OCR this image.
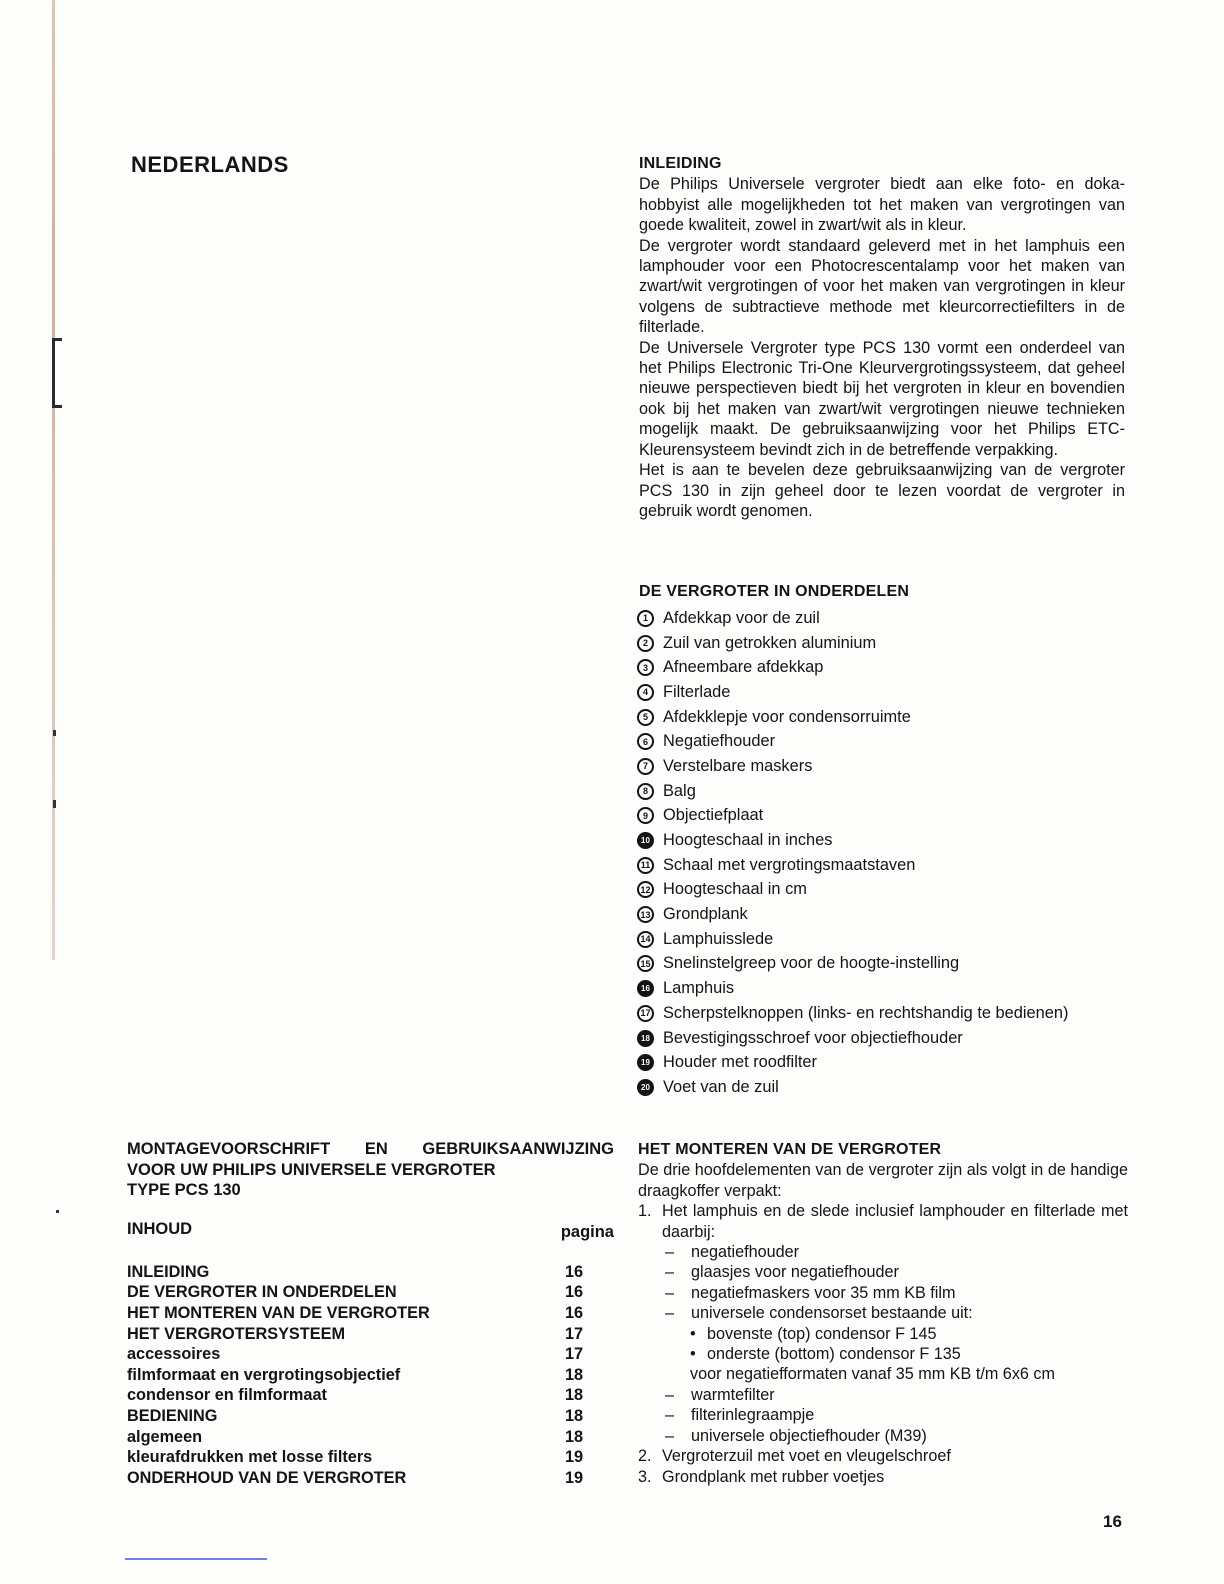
NEDERLANDS	INLEIDING

De Philips Universele vergroter biedt aan elke foto- en doka-hobbyist alle mogelijkheden tot het maken van vergrotingen van goede kwaliteit, zowel in zwart/wit als in kleur.

De vergroter wordt standaard geleverd met in het lamphuis een lamphouder voor een Photocrescentalamp voor het maken van zwart/wit vergrotingen of voor het maken van vergrotingen in kleur volgens de subtractieve methode met kleurcorrectiefilters in de filterlade.

De Universele Vergroter type PCS 130 vormt een onderdeel van het Philips Electronic Tri-One Kleurvergrotingssysteem, dat geheel nieuwe perspectieven biedt bij het vergroten in kleur en bovendien ook bij het maken van zwart/wit vergrotingen nieuwe technieken mogelijk maakt. De gebruiksaanwijzing voor het Philips ETC-Kleurensysteem bevindt zich in de betreffende verpakking.

Het is aan te bevelen deze gebruiksaanwijzing van de vergroter PCS 130 in zijn geheel door te lezen voordat de vergroter in gebruik wordt genomen.

DE VERGROTER IN ONDERDELEN
1 Afdekkap voor de zuil
2 Zuil van getrokken aluminium
3 Afneembare afdekkap
4 Filterlade
5 Afdekklepje voor condensorruimte
6 Negatiefhouder
7 Verstelbare maskers
8 Balg
9 Objectiefplaat
10 Hoogteschaal in inches
11 Schaal met vergrotingsmaatstaven
12 Hoogteschaal in cm
13 Grondplank
14 Lamphuisslede
15 Snelinstelgreep voor de hoogte-instelling
16 Lamphuis
17 Scherpstelknoppen (links- en rechtshandig te bedienen)
18 Bevestigingsschroef voor objectiefhouder
19 Houder met roodfilter
20 Voet van de zuil
MONTAGEVOORSCHRIFT EN GEBRUIKSAANWIJZING
VOOR UW PHILIPS UNIVERSELE VERGROTER
TYPE PCS 130
INHOUD	pagina
INLEIDING	16
DE VERGROTER IN ONDERDELEN	16
HET MONTEREN VAN DE VERGROTER	16
HET VERGROTERSYSTEEM	17
accessoires	17
filmformaat en vergrotingsobjectief	18
condensor en filmformaat	18
BEDIENING	18
algemeen	18
kleurafdrukken met losse filters	19
ONDERHOUD VAN DE VERGROTER	19
HET MONTEREN VAN DE VERGROTER

De drie hoofdelementen van de vergroter zijn als volgt in de handige draagkoffer verpakt:

1. Het lamphuis en de slede inclusief lamphouder en filterlade met daarbij:
–	negatiefhouder
–	glaasjes voor negatiefhouder
–	negatiefmaskers voor 35 mm KB film
–	universele condensorset bestaande uit:
• bovenste (top) condensor F 145
• onderste (bottom) condensor F 135
voor negatiefformaten vanaf 35 mm KB t/m 6x6 cm
–	warmtefilter
–	filterinlegraampje
–	universele objectiefhouder (M39)
2. Vergroterzuil met voet en vleugelschroef
3. Grondplank met rubber voetjes
16
